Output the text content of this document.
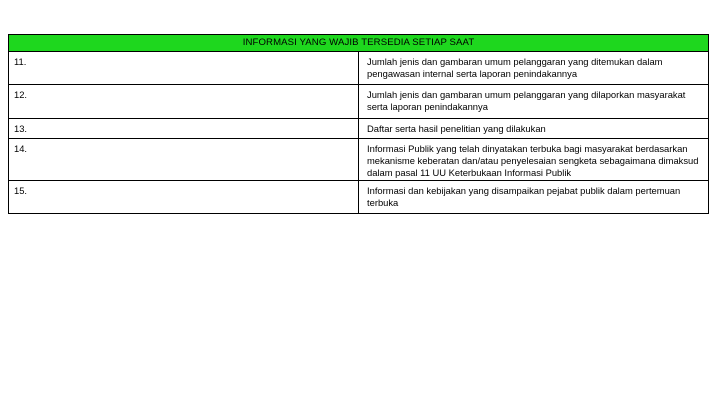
INFORMASI YANG WAJIB TERSEDIA SETIAP SAAT	
11.	Jumlah jenis dan gambaran umum pelanggaran yang ditemukan dalam pengawasan internal serta laporan penindakannya
12.	Jumlah jenis dan gambaran umum pelanggaran yang dilaporkan masyarakat serta laporan penindakannya
13.	Daftar serta hasil penelitian yang dilakukan
14.	Informasi Publik yang telah dinyatakan terbuka bagi masyarakat berdasarkan mekanisme keberatan dan/atau penyelesaian sengketa sebagaimana dimaksud dalam pasal 11 UU Keterbukaan Informasi Publik
15.	Informasi dan kebijakan yang disampaikan pejabat publik dalam pertemuan terbuka
